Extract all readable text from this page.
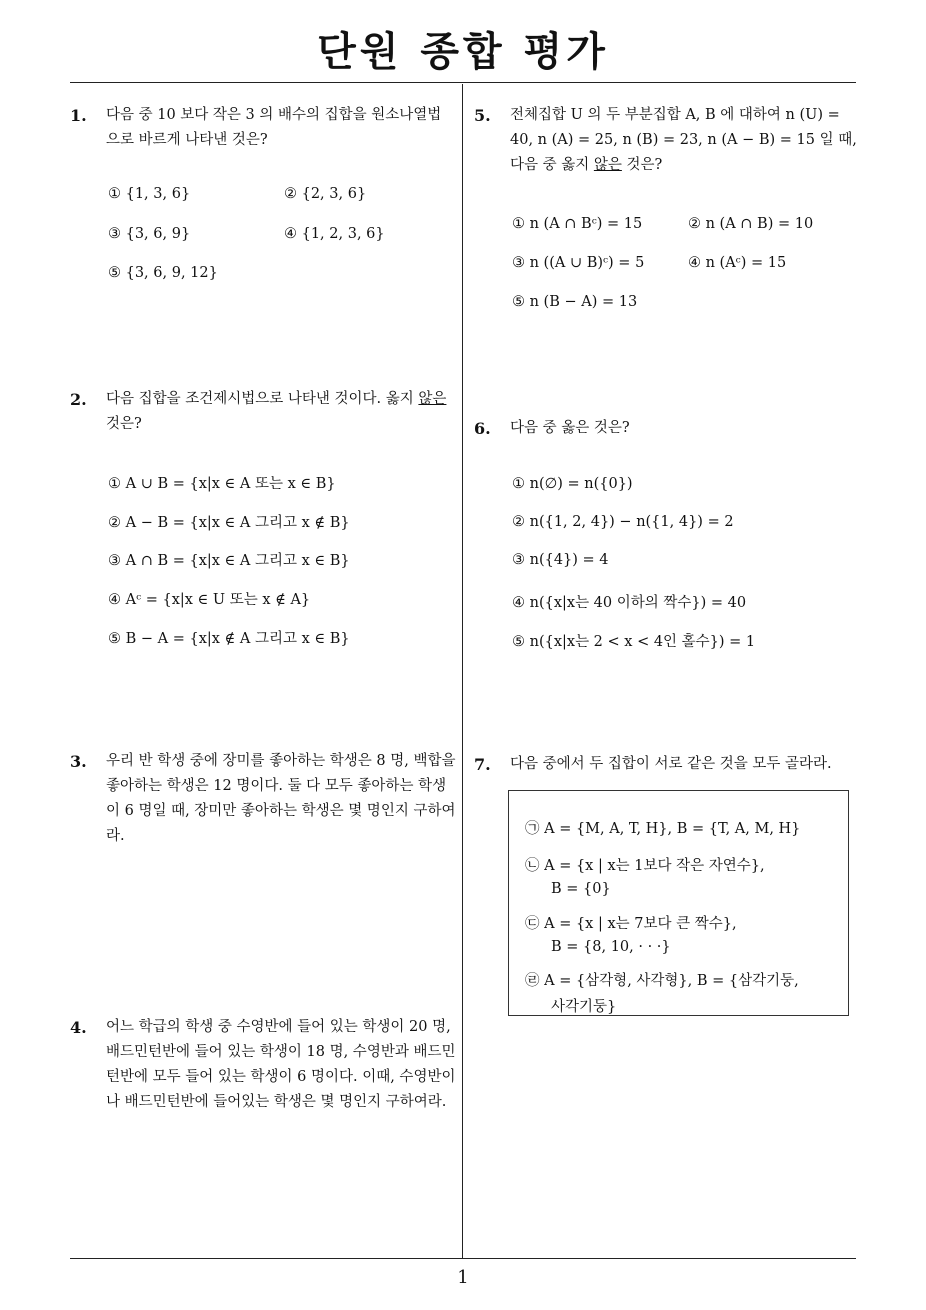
단원 종합 평가
1. 다음 중 10 보다 작은 3 의 배수의 집합을 원소나열법으로 바르게 나타낸 것은?
① {1, 3, 6}	② {2, 3, 6}
③ {3, 6, 9}	④ {1, 2, 3, 6}
⑤ {3, 6, 9, 12}
2. 다음 집합을 조건제시법으로 나타낸 것이다. 옳지 않은 것은?
① A ∪ B = {x|x ∈ A 또는 x ∈ B}
② A − B = {x|x ∈ A 그리고 x ∉ B}
③ A ∩ B = {x|x ∈ A 그리고 x ∈ B}
④ Aᶜ = {x|x ∈ U 또는 x ∉ A}
⑤ B − A = {x|x ∉ A 그리고 x ∈ B}
3. 우리 반 학생 중에 장미를 좋아하는 학생은 8 명, 백합을 좋아하는 학생은 12 명이다. 둘 다 모두 좋아하는 학생이 6 명일 때, 장미만 좋아하는 학생은 몇 명인지 구하여라.
4. 어느 학급의 학생 중 수영반에 들어 있는 학생이 20 명, 배드민턴반에 들어 있는 학생이 18 명, 수영반과 배드민턴반에 모두 들어 있는 학생이 6 명이다. 이때, 수영반이나 배드민턴반에 들어있는 학생은 몇 명인지 구하여라.
5. 전체집합 U 의 두 부분집합 A, B 에 대하여 n (U) = 40, n (A) = 25, n (B) = 23, n (A − B) = 15 일 때, 다음 중 옳지 않은 것은?
① n (A ∩ Bᶜ) = 15	② n (A ∩ B) = 10
③ n ((A ∪ B)ᶜ) = 5	④ n (Aᶜ) = 15
⑤ n (B − A) = 13
6. 다음 중 옳은 것은?
① n(∅) = n({0})
② n({1, 2, 4}) − n({1, 4}) = 2
③ n({4}) = 4
④ n({x|x는 40 이하의 짝수}) = 40
⑤ n({x|x는 2 < x < 4인 홀수}) = 1
7. 다음 중에서 두 집합이 서로 같은 것을 모두 골라라.
㉠ A = {M, A, T, H}, B = {T, A, M, H}
㉡ A = {x | x는 1보다 작은 자연수},
B = {0}
㉢ A = {x | x는 7보다 큰 짝수},
B = {8, 10, · · ·}
㉣ A = {삼각형, 사각형}, B = {삼각기둥,
사각기둥}
1
